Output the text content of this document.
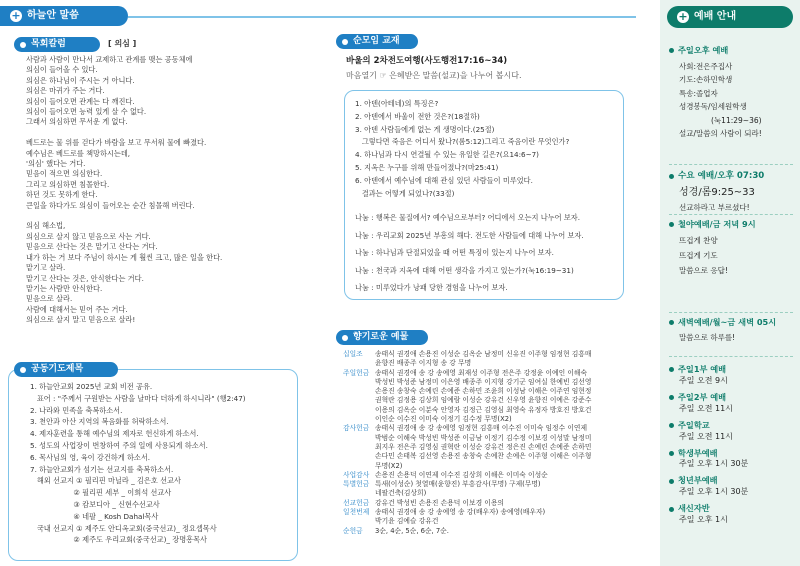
+ 하늘안 말씀
목회칼럼	[ 의심 ]

사람과 사람이 만나서 교제하고 관계를 맺는 공동체에

의심이 들어올 수 있다.

의심은 하나님이 주시는 거 아니다.

의심은 마귀가 주는 거다.

의심이 들어오면 관계는 다 깨진다.

의심이 들어오면 능력 있게 살 수 없다.

그래서 의심하면 무서운 게 없다.

베드로는 물 위를 걷다가 바람을 보고 무서워 물에 빠졌다.

예수님은 베드로를 책망하시는데,

'의심' 했다는 거다.

믿음이 적으면 의심한다.

그리고 의심하면 침몰한다.

하던 것도 못하게 한다.

큰일을 하다가도 의심이 들어오는 순간 침몰해 버린다.

의심 해소법,

의심으로 살지 않고 믿음으로 사는 거다.

믿음으로 산다는 것은 맡기고 산다는 거다.

내가 하는 거 보다 주님이 하시는 게 훨씬 크고, 많은 일을 한다.

맡기고 살라.

맡기고 산다는 것은, 안식한다는 거다.

맡기는 사람만 안식한다.

믿음으로 살라.

사람에 대해서는 믿어 주는 거다.

의심으로 살지 말고 믿음으로 살라!

공동기도제목

1. 하늘안교회 2025년 교회 비전 공유.

표어 : "주께서 구원받는 사람을 날마다 더하게 하시니라" (행2:47)

2. 나라와 민족을 축복하소서.

3. 천안과 아산 지역의 복음화를 허락하소서.

4. 제자훈련을 통해 예수님의 제자로 헌신하게 하소서.

5. 성도의 사업장이 번창하여 주의 일에 사용되게 하소서.

6. 목사님의 영, 육이 강건하게 하소서.

7. 하늘안교회가 섬기는 선교지를 축복하소서.

해외 선교지 ① 필리핀 마닐라 _ 김은호 선교사

② 필리핀 세부 _ 이희석 선교사

③ 캄보디아 _ 신현수선교사

④ 네팔 _ Kosh Dahal목사

국내 선교지 ① 제주도 안디옥교회(중국선교)_ 정요셉목사

② 제주도 우리교회(중국선교)_ 장명흥목사

순모임 교재
바울의 2차전도여행(사도행전17:16~34)
마음열기 ☞ 은혜받은 말씀(설교)을 나누어 봅시다.
1. 아덴(아테네)의 특징은?
2. 아덴에서 바울이 전한 것은?(18절하)
3. 아덴 사람들에게 없는 게 생명이다.(25절)
그렇다면 죽음은 어디서 왔나?(롬5:12)그리고 죽음이란 무엇인가?
4. 하나님과 다시 연결될 수 있는 유일한 길은?(요14:6~7)
5. 지옥은 누구를 위해 만들어졌나?(마25:41)
6. 아덴에서 예수님에 대해 관심 있던 사람들이 미루었다.
결과는 어떻게 되었나?(33절)
나눔 : 행복은 물질에서? 예수님으로부터? 어디에서 오는지 나누어 보자.
나눔 : 우리교회 2025년 부흥의 해다. 전도한 사람들에 대해 나누어 보자.
나눔 : 하나님과 단절되었을 때 어떤 특징이 있는지 나누어 보자.
나눔 : 천국과 지옥에 대해 어떤 생각을 가지고 있는가?(눅16:19~31)
나눔 : 미루었다가 낭패 당한 경험을 나누어 보자.
향기로운 예물
십일조	송태식 권경애 손용진 이성순 김옥순 남정미 신유진 이주형 임정현 김흥매
윤향진 배종주 이지형 송 강 무명
주일헌금 송태식 권경애 송 강 송예영 최재성 이주형 전은주 강정윤 이예인 이해숙
박성빈 박성준 남정미 이은영 배종주 이지형 강기군 임여실 한예빈 김선영
손용진 송창숙 손예린 손예준 손하민 조윤희 이성남 이해은 이주연 임현정
권혁란 김정용 김상희 임예람 이성순 강유건 신우영 윤향진 이예은 강준수
이용의 김옥순 이분숙 안영자 김정근 김영심 최영숙 유정자 방호진 방호건
이인순 이수진 이미숙 이정기 김수정 무명(X2)
감사헌금 송태식 권경애 송 강 송예영 임정현 김흥매 이수진 이미숙 임정수 이연제
박범순 이해숙 박성빈 박성준 이금남 이정기 김수정 이보경 이성말 남정미
최지우 전은주 김영심 권혁란 이성순 강유건 정은진 손예린 손예준 손하민
손다민 손태복 김선영 손용진 송창숙 손예찬 손예은 이주형 이해은 이주형
무명(X2)
사업감사 손용진 손용덕 이연제 이수진 김상희 이해은 이미숙 이성순
특별헌금 특새(이성순) 첫열매(윤향진) 부흥감사(무명) 구제(무명)
네팔건축(김상희)
선교헌금 강유건 박성빈 손용진 손용덕 이보경 이용의
일천번제 송태식 권경애 송 강 송예영 송 강(배우자) 송예영(배우자)
박기윤 김예슬 강유건
순헌금	3순, 4순, 5순, 6순, 7순.
+ 예배 안내
주일오후 예배
사회:전은주집사
기도:손하민학생
특송:졸업자
성경봉독/임세원학생
(눅11:29~36)
설교/말씀의 사람이 되라!
수요 예배/오후 07:30
성경/롬9:25~33
선교하라고 부르셨다!
철야예배/금 저녁 9시
뜨겁게 찬양
뜨겁게 기도
말씀으로 응답!
새벽예배/월~금 새벽 05시
말씀으로 하루를!
주일1부 예배
주일 오전 9시
주일2부 예배
주일 오전 11시
주일학교
주일 오전 11시
학생부예배
주일 오후 1시 30분
청년부예배
주일 오후 1시 30분
새신자반
주일 오후 1시
